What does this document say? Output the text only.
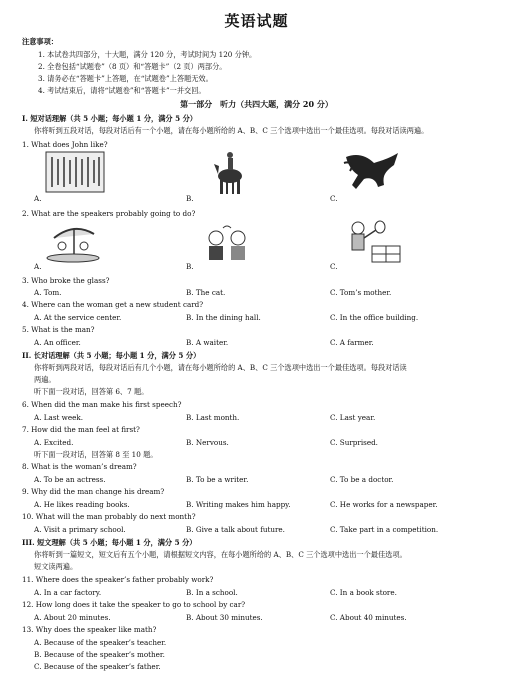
英语试题
注意事项：
1. 本试卷共四部分，十大题，满分 120 分，考试时间为 120 分钟。
2. 全卷包括“试题卷”（8 页）和“答题卡”（2 页）两部分。
3. 请务必在“答题卡”上答题，在“试题卷”上答题无效。
4. 考试结束后，请将“试题卷”和“答题卡”一并交回。
第一部分　听力（共四大题，满分 20 分）
I. 短对话理解（共 5 小题；每小题 1 分，满分 5 分）
你将听到五段对话，每段对话后有一个小题，请在每小题所给的 A、B、C 三个选项中选出一个最佳选项。每段对话读两遍。
1. What does John like?
A.	B.	C.
2. What are the speakers probably going to do?
A.	B.	C.
3. Who broke the glass?
A. Tom.	B. The cat.	C. Tom’s mother.
4. Where can the woman get a new student card?
A. At the service center.	B. In the dining hall.	C. In the office building.
5. What is the man?
A. An officer.	B. A waiter.	C. A farmer.
II. 长对话理解（共 5 小题；每小题 1 分，满分 5 分）
你将听到两段对话，每段对话后有几个小题，请在每小题所给的 A、B、C 三个选项中选出一个最佳选项。每段对话读
两遍。
听下面一段对话，回答第 6、7 题。
6. When did the man make his first speech?
A. Last week.	B. Last month.	C. Last year.
7. How did the man feel at first?
A. Excited.	B. Nervous.	C. Surprised.
听下面一段对话，回答第 8 至 10 题。
8. What is the woman’s dream?
A. To be an actress.	B. To be a writer.	C. To be a doctor.
9. Why did the man change his dream?
A. He likes reading books.	B. Writing makes him happy.	C. He works for a newspaper.
10. What will the man probably do next month?
A. Visit a primary school.	B. Give a talk about future.	C. Take part in a competition.
III. 短文理解（共 5 小题；每小题 1 分，满分 5 分）
你将听到一篇短文，短文后有五个小题，请根据短文内容，在每小题所给的 A、B、C 三个选项中选出一个最佳选项。
短文读两遍。
11. Where does the speaker’s father probably work?
A. In a car factory.	B. In a school.	C. In a book store.
12. How long does it take the speaker to go to school by car?
A. About 20 minutes.	B. About 30 minutes.	C. About 40 minutes.
13. Why does the speaker like math?
A. Because of the speaker’s teacher.
B. Because of the speaker’s mother.
C. Because of the speaker’s father.
